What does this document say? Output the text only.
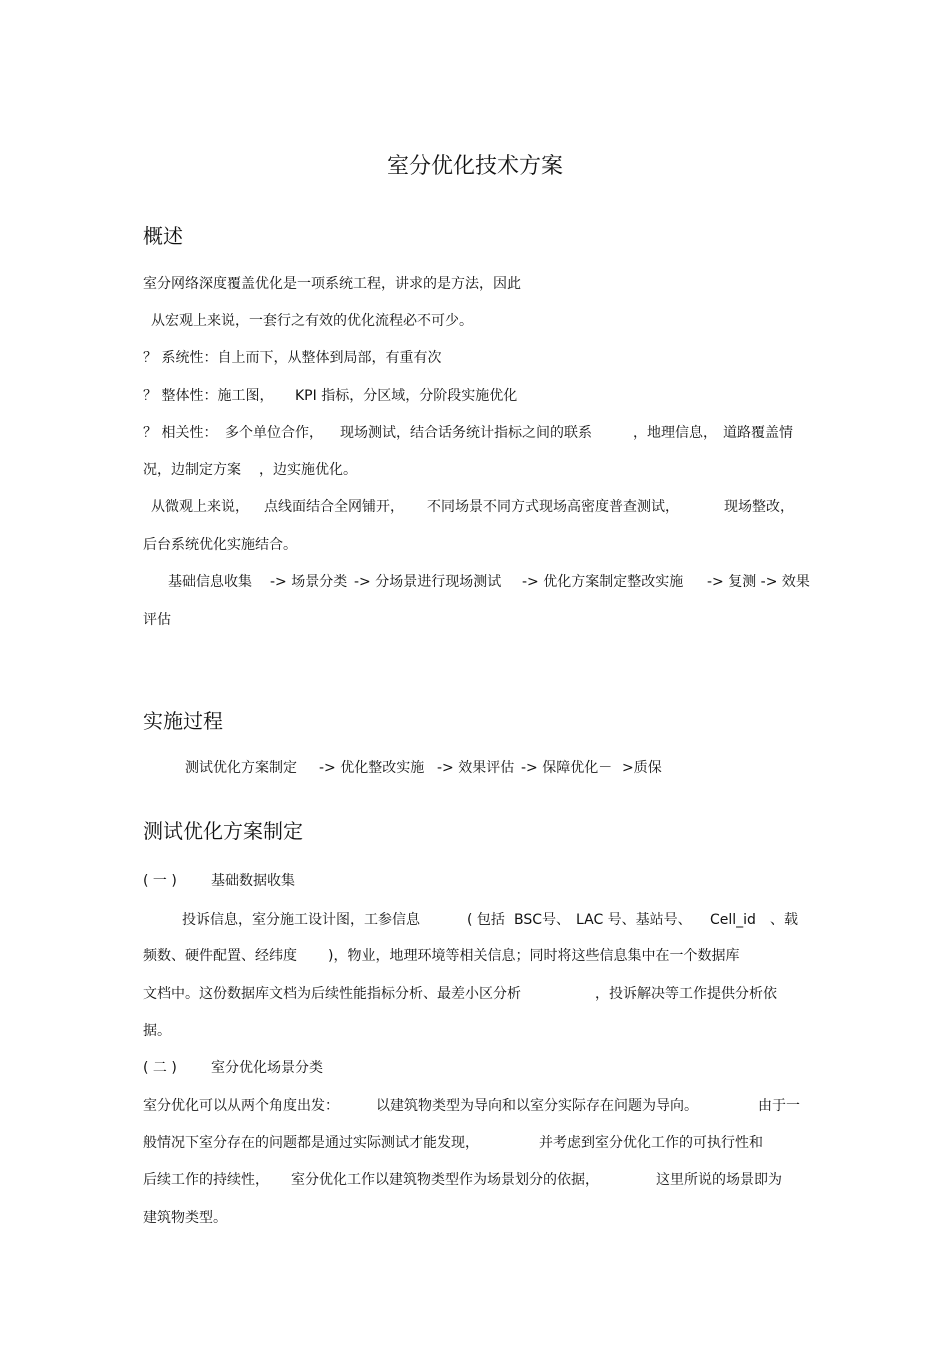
室分优化技术方案
概述
室分网络深度覆盖优化是一项系统工程，讲求的是方法，因此
从宏观上来说，一套行之有效的优化流程必不可少。
？ 系统性：自上而下，从整体到局部，有重有次
？ 整体性：施工图， KPI 指标，分区域，分阶段实施优化
？ 相关性： 多个单位合作， 现场测试，结合话务统计指标之间的联系	，地理信息， 道路覆盖情
况，边制定方案 ，边实施优化。
从微观上来说， 点线面结合全网铺开， 不同场景不同方式现场高密度普查测试，	现场整改，
后台系统优化实施结合。
基础信息收集 -> 场景分类 -> 分场景进行现场测试 -> 优化方案制定整改实施 -> 复测 -> 效果
评估
实施过程
测试优化方案制定 -> 优化整改实施 -> 效果评估 -> 保障优化－ >质保
测试优化方案制定
( 一 ) 基础数据收集
投诉信息，室分施工设计图，工参信息	( 包括 BSC号、 LAC 号、基站号、 Cell_id 、载
频数、硬件配置、经纬度 )，物业，地理环境等相关信息；同时将这些信息集中在一个数据库
文档中。这份数据库文档为后续性能指标分析、最差小区分析	，投诉解决等工作提供分析依
据。
( 二 ) 室分优化场景分类
室分优化可以从两个角度出发：	以建筑物类型为导向和以室分实际存在问题为导向。	由于一
般情况下室分存在的问题都是通过实际测试才能发现，	并考虑到室分优化工作的可执行性和
后续工作的持续性， 室分优化工作以建筑物类型作为场景划分的依据，	这里所说的场景即为
建筑物类型。
